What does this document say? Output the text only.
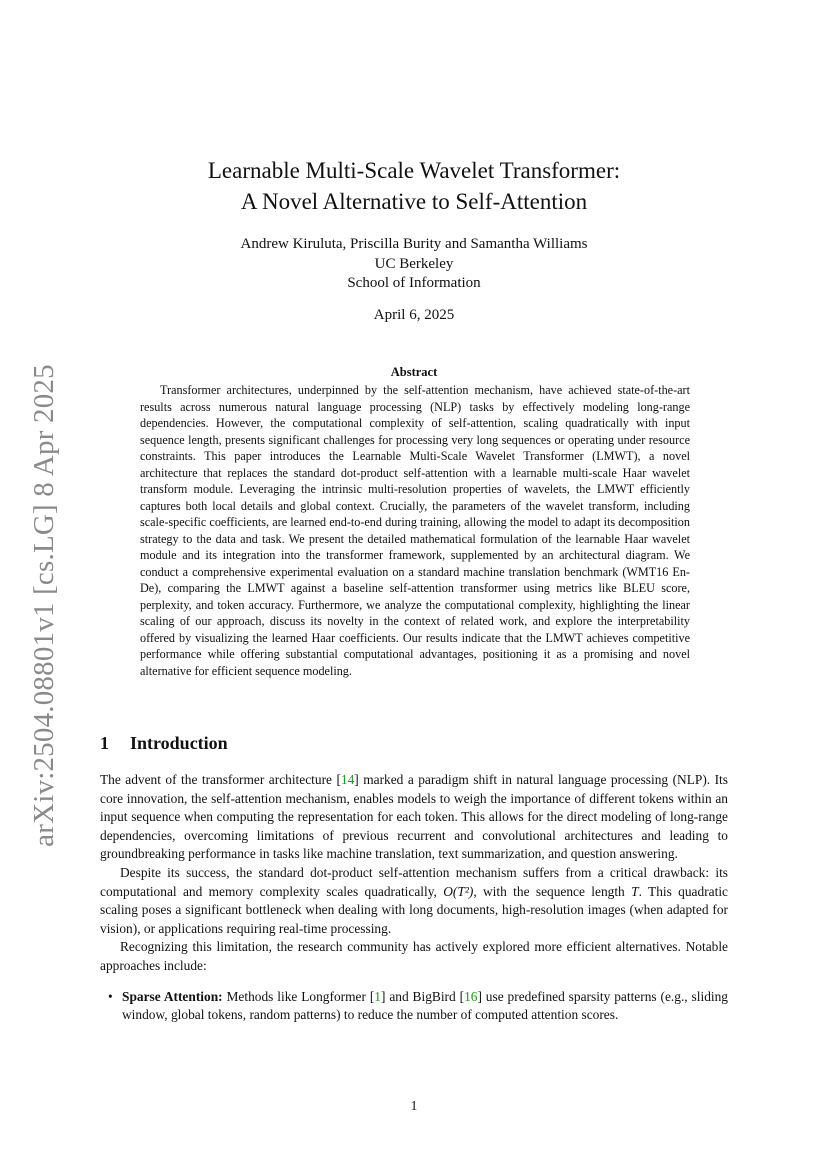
arXiv:2504.08801v1 [cs.LG] 8 Apr 2025
Learnable Multi-Scale Wavelet Transformer:
A Novel Alternative to Self-Attention
Andrew Kiruluta, Priscilla Burity and Samantha Williams
UC Berkeley
School of Information
April 6, 2025
Abstract

Transformer architectures, underpinned by the self-attention mechanism, have achieved state-of-the-art results across numerous natural language processing (NLP) tasks by effectively modeling long-range dependencies. However, the computational complexity of self-attention, scaling quadratically with input sequence length, presents significant challenges for processing very long sequences or operating under resource constraints. This paper introduces the Learnable Multi-Scale Wavelet Transformer (LMWT), a novel architecture that replaces the standard dot-product self-attention with a learnable multi-scale Haar wavelet transform module. Leveraging the intrinsic multi-resolution properties of wavelets, the LMWT efficiently captures both local details and global context. Crucially, the parameters of the wavelet transform, including scale-specific coefficients, are learned end-to-end during training, allowing the model to adapt its decomposition strategy to the data and task. We present the detailed mathematical formulation of the learnable Haar wavelet module and its integration into the transformer framework, supplemented by an architectural diagram. We conduct a comprehensive experimental evaluation on a standard machine translation benchmark (WMT16 En-De), comparing the LMWT against a baseline self-attention transformer using metrics like BLEU score, perplexity, and token accuracy. Furthermore, we analyze the computational complexity, highlighting the linear scaling of our approach, discuss its novelty in the context of related work, and explore the interpretability offered by visualizing the learned Haar coefficients. Our results indicate that the LMWT achieves competitive performance while offering substantial computational advantages, positioning it as a promising and novel alternative for efficient sequence modeling.

1 Introduction

The advent of the transformer architecture [14] marked a paradigm shift in natural language processing (NLP). Its core innovation, the self-attention mechanism, enables models to weigh the importance of different tokens within an input sequence when computing the representation for each token. This allows for the direct modeling of long-range dependencies, overcoming limitations of previous recurrent and convolutional architectures and leading to groundbreaking performance in tasks like machine translation, text summarization, and question answering.

Despite its success, the standard dot-product self-attention mechanism suffers from a critical drawback: its computational and memory complexity scales quadratically, O(T²), with the sequence length T. This quadratic scaling poses a significant bottleneck when dealing with long documents, high-resolution images (when adapted for vision), or applications requiring real-time processing.

Recognizing this limitation, the research community has actively explored more efficient alternatives. Notable approaches include:

• Sparse Attention: Methods like Longformer [1] and BigBird [16] use predefined sparsity patterns (e.g., sliding window, global tokens, random patterns) to reduce the number of computed attention scores.
1
